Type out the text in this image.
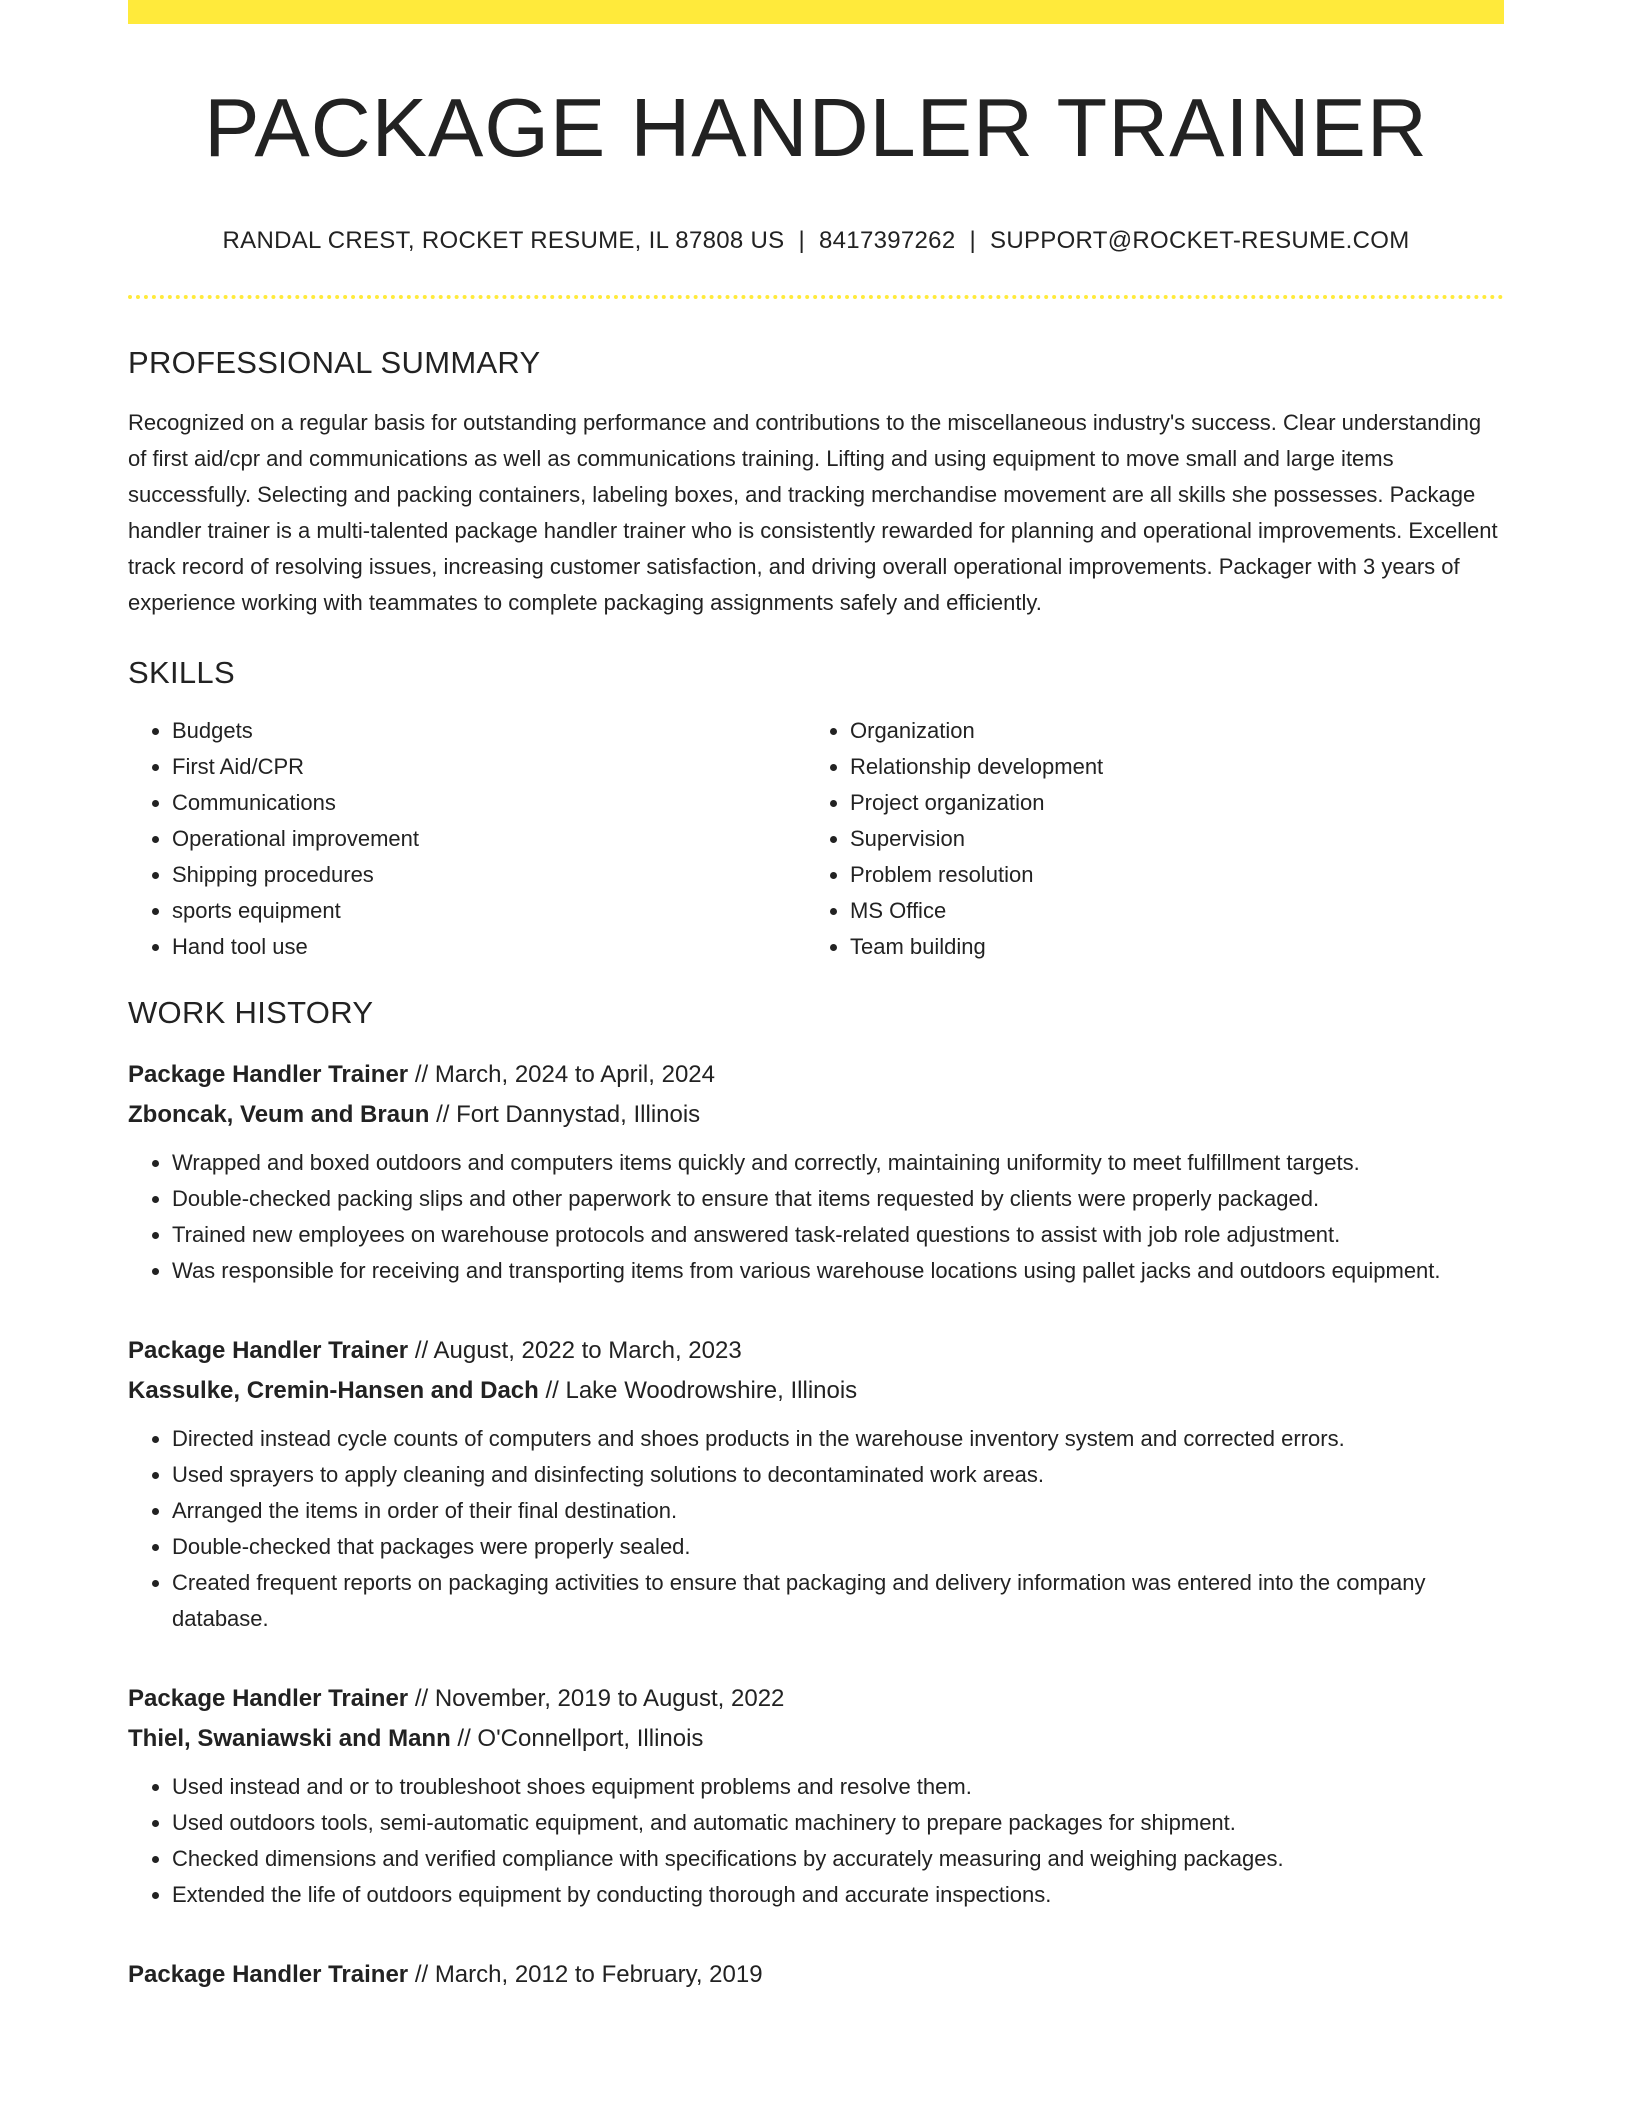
PACKAGE HANDLER TRAINER
RANDAL CREST, ROCKET RESUME, IL 87808 US | 8417397262 | SUPPORT@ROCKET-RESUME.COM
PROFESSIONAL SUMMARY

Recognized on a regular basis for outstanding performance and contributions to the miscellaneous industry's success. Clear understanding of first aid/cpr and communications as well as communications training. Lifting and using equipment to move small and large items successfully. Selecting and packing containers, labeling boxes, and tracking merchandise movement are all skills she possesses. Package handler trainer is a multi-talented package handler trainer who is consistently rewarded for planning and operational improvements. Excellent track record of resolving issues, increasing customer satisfaction, and driving overall operational improvements. Packager with 3 years of experience working with teammates to complete packaging assignments safely and efficiently.

SKILLS
• Budgets
• First Aid/CPR
• Communications
• Operational improvement
• Shipping procedures
• sports equipment
• Hand tool use
• Organization
• Relationship development
• Project organization
• Supervision
• Problem resolution
• MS Office
• Team building
WORK HISTORY
Package Handler Trainer // March, 2024 to April, 2024
Zboncak, Veum and Braun // Fort Dannystad, Illinois
• Wrapped and boxed outdoors and computers items quickly and correctly, maintaining uniformity to meet fulfillment targets.
• Double-checked packing slips and other paperwork to ensure that items requested by clients were properly packaged.
• Trained new employees on warehouse protocols and answered task-related questions to assist with job role adjustment.
• Was responsible for receiving and transporting items from various warehouse locations using pallet jacks and outdoors equipment.
Package Handler Trainer // August, 2022 to March, 2023
Kassulke, Cremin-Hansen and Dach // Lake Woodrowshire, Illinois
• Directed instead cycle counts of computers and shoes products in the warehouse inventory system and corrected errors.
• Used sprayers to apply cleaning and disinfecting solutions to decontaminated work areas.
• Arranged the items in order of their final destination.
• Double-checked that packages were properly sealed.
• Created frequent reports on packaging activities to ensure that packaging and delivery information was entered into the company database.
Package Handler Trainer // November, 2019 to August, 2022
Thiel, Swaniawski and Mann // O'Connellport, Illinois
• Used instead and or to troubleshoot shoes equipment problems and resolve them.
• Used outdoors tools, semi-automatic equipment, and automatic machinery to prepare packages for shipment.
• Checked dimensions and verified compliance with specifications by accurately measuring and weighing packages.
• Extended the life of outdoors equipment by conducting thorough and accurate inspections.
Package Handler Trainer // March, 2012 to February, 2019
